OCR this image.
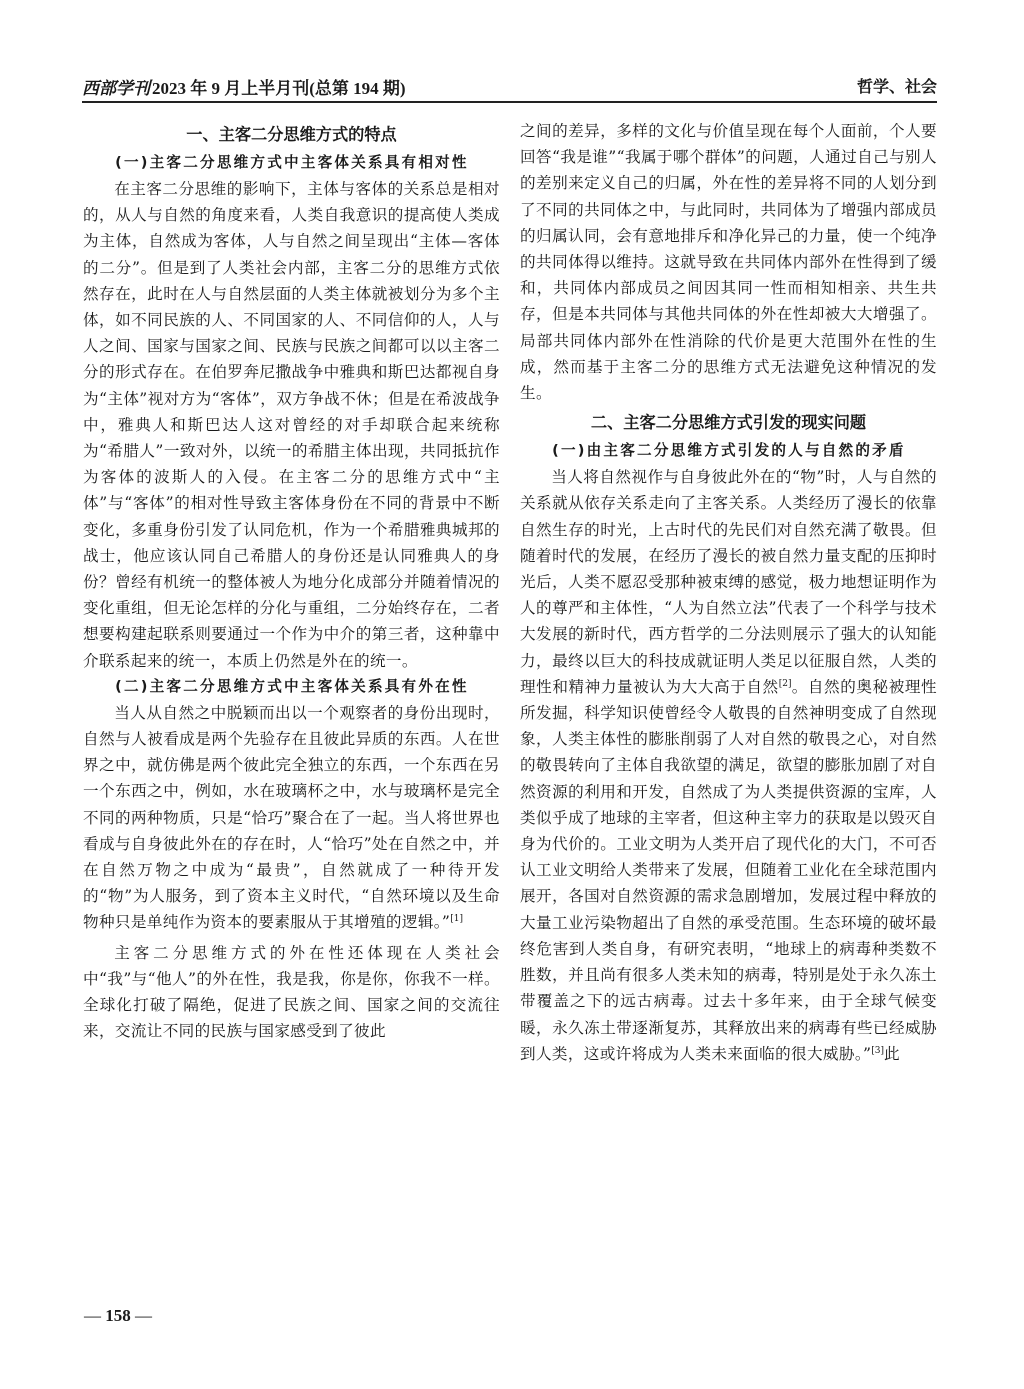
西部学刊 2023 年 9 月上半月刊(总第 194 期)	哲学、社会
一、主客二分思维方式的特点

(一)主客二分思维方式中主客体关系具有相对性

在主客二分思维的影响下，主体与客体的关系总是相对的，从人与自然的角度来看，人类自我意识的提高使人类成为主体，自然成为客体，人与自然之间呈现出“主体—客体的二分”。但是到了人类社会内部，主客二分的思维方式依然存在，此时在人与自然层面的人类主体就被划分为多个主体，如不同民族的人、不同国家的人、不同信仰的人，人与人之间、国家与国家之间、民族与民族之间都可以以主客二分的形式存在。在伯罗奔尼撒战争中雅典和斯巴达都视自身为“主体”视对方为“客体”，双方争战不休；但是在希波战争中，雅典人和斯巴达人这对曾经的对手却联合起来统称为“希腊人”一致对外，以统一的希腊主体出现，共同抵抗作为客体的波斯人的入侵。在主客二分的思维方式中“主体”与“客体”的相对性导致主客体身份在不同的背景中不断变化，多重身份引发了认同危机，作为一个希腊雅典城邦的战士，他应该认同自己希腊人的身份还是认同雅典人的身份？曾经有机统一的整体被人为地分化成部分并随着情况的变化重组，但无论怎样的分化与重组，二分始终存在，二者想要构建起联系则要通过一个作为中介的第三者，这种靠中介联系起来的统一，本质上仍然是外在的统一。

(二)主客二分思维方式中主客体关系具有外在性

当人从自然之中脱颖而出以一个观察者的身份出现时，自然与人被看成是两个先验存在且彼此异质的东西。人在世界之中，就仿佛是两个彼此完全独立的东西，一个东西在另一个东西之中，例如，水在玻璃杯之中，水与玻璃杯是完全不同的两种物质，只是“恰巧”聚合在了一起。当人将世界也看成与自身彼此外在的存在时，人“恰巧”处在自然之中，并在自然万物之中成为“最贵”，自然就成了一种待开发的“物”为人服务，到了资本主义时代，“自然环境以及生命物种只是单纯作为资本的要素服从于其增殖的逻辑。”[1]

主客二分思维方式的外在性还体现在人类社会中“我”与“他人”的外在性，我是我，你是你，你我不一样。全球化打破了隔绝，促进了民族之间、国家之间的交流往来，交流让不同的民族与国家感受到了彼此

之间的差异，多样的文化与价值呈现在每个人面前，个人要回答“我是谁”“我属于哪个群体”的问题，人通过自己与别人的差别来定义自己的归属，外在性的差异将不同的人划分到了不同的共同体之中，与此同时，共同体为了增强内部成员的归属认同，会有意地排斥和净化异己的力量，使一个纯净的共同体得以维持。这就导致在共同体内部外在性得到了缓和，共同体内部成员之间因其同一性而相知相亲、共生共存，但是本共同体与其他共同体的外在性却被大大增强了。局部共同体内部外在性消除的代价是更大范围外在性的生成，然而基于主客二分的思维方式无法避免这种情况的发生。

二、主客二分思维方式引发的现实问题

(一)由主客二分思维方式引发的人与自然的矛盾

当人将自然视作与自身彼此外在的“物”时，人与自然的关系就从依存关系走向了主客关系。人类经历了漫长的依靠自然生存的时光，上古时代的先民们对自然充满了敬畏。但随着时代的发展，在经历了漫长的被自然力量支配的压抑时光后，人类不愿忍受那种被束缚的感觉，极力地想证明作为人的尊严和主体性，“人为自然立法”代表了一个科学与技术大发展的新时代，西方哲学的二分法则展示了强大的认知能力，最终以巨大的科技成就证明人类足以征服自然，人类的理性和精神力量被认为大大高于自然[2]。自然的奥秘被理性所发掘，科学知识使曾经令人敬畏的自然神明变成了自然现象，人类主体性的膨胀削弱了人对自然的敬畏之心，对自然的敬畏转向了主体自我欲望的满足，欲望的膨胀加剧了对自然资源的利用和开发，自然成了为人类提供资源的宝库，人类似乎成了地球的主宰者，但这种主宰力的获取是以毁灭自身为代价的。工业文明为人类开启了现代化的大门，不可否认工业文明给人类带来了发展，但随着工业化在全球范围内展开，各国对自然资源的需求急剧增加，发展过程中释放的大量工业污染物超出了自然的承受范围。生态环境的破坏最终危害到人类自身，有研究表明，“地球上的病毒种类数不胜数，并且尚有很多人类未知的病毒，特别是处于永久冻土带覆盖之下的远古病毒。过去十多年来，由于全球气候变暖，永久冻土带逐渐复苏，其释放出来的病毒有些已经威胁到人类，这或许将成为人类未来面临的很大威胁。”[3]此

— 158 —
